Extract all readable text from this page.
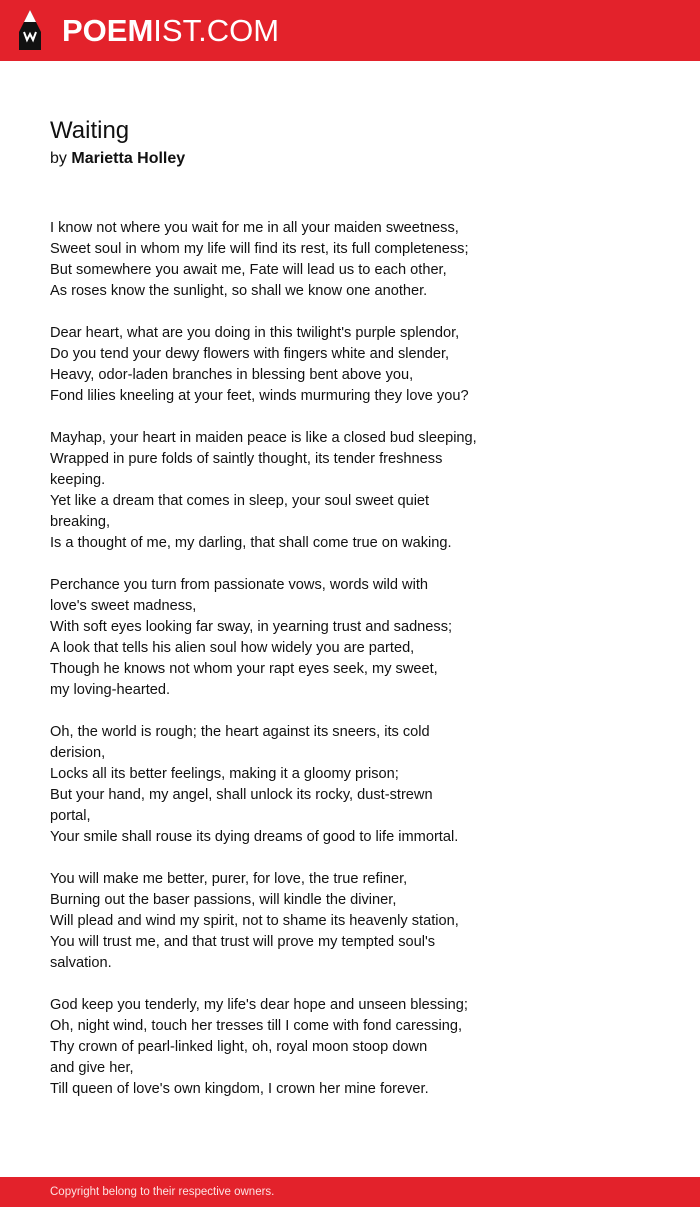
POEMIST.COM
Waiting
by Marietta Holley
I know not where you wait for me in all your maiden sweetness,
Sweet soul in whom my life will find its rest, its full completeness;
But somewhere you await me, Fate will lead us to each other,
As roses know the sunlight, so shall we know one another.
Dear heart, what are you doing in this twilight's purple splendor,
Do you tend your dewy flowers with fingers white and slender,
Heavy, odor-laden branches in blessing bent above you,
Fond lilies kneeling at your feet, winds murmuring they love you?
Mayhap, your heart in maiden peace is like a closed bud sleeping,
Wrapped in pure folds of saintly thought, its tender freshness
keeping.
Yet like a dream that comes in sleep, your soul sweet quiet
breaking,
Is a thought of me, my darling, that shall come true on waking.
Perchance you turn from passionate vows, words wild with
love's sweet madness,
With soft eyes looking far sway, in yearning trust and sadness;
A look that tells his alien soul how widely you are parted,
Though he knows not whom your rapt eyes seek, my sweet,
my loving-hearted.
Oh, the world is rough; the heart against its sneers, its cold
derision,
Locks all its better feelings, making it a gloomy prison;
But your hand, my angel, shall unlock its rocky, dust-strewn
portal,
Your smile shall rouse its dying dreams of good to life immortal.
You will make me better, purer, for love, the true refiner,
Burning out the baser passions, will kindle the diviner,
Will plead and wind my spirit, not to shame its heavenly station,
You will trust me, and that trust will prove my tempted soul's
salvation.
God keep you tenderly, my life's dear hope and unseen blessing;
Oh, night wind, touch her tresses till I come with fond caressing,
Thy crown of pearl-linked light, oh, royal moon stoop down
and give her,
Till queen of love's own kingdom, I crown her mine forever.
Copyright belong to their respective owners.
